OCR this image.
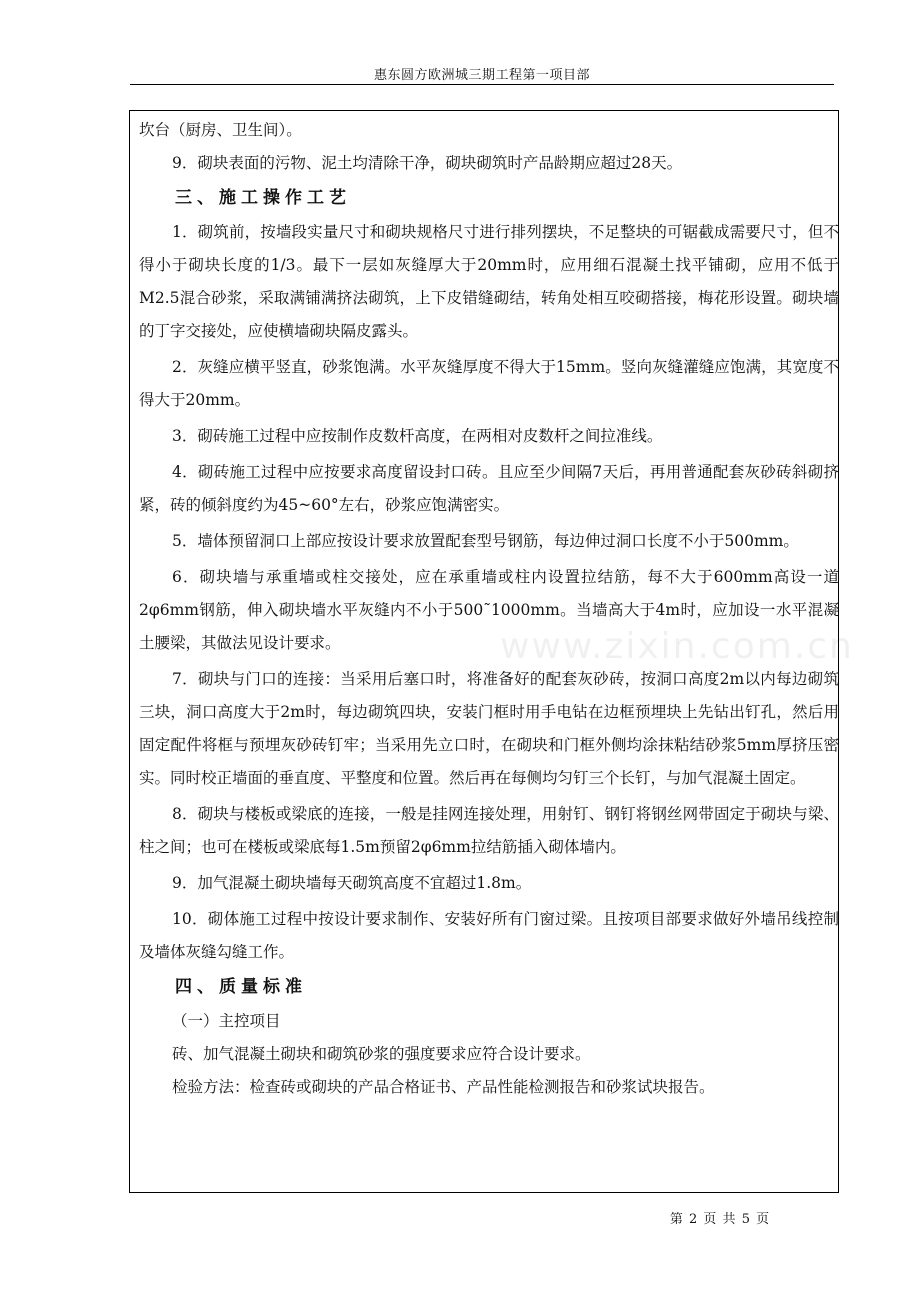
惠东圆方欧洲城三期工程第一项目部
www.zixin.com.cn

坎台（厨房、卫生间）。

9．砌块表面的污物、泥土均清除干净，砌块砌筑时产品龄期应超过28天。

三、施工操作工艺

1．砌筑前，按墙段实量尺寸和砌块规格尺寸进行排列摆块，不足整块的可锯截成需要尺寸，但不得小于砌块长度的1/3。最下一层如灰缝厚大于20mm时，应用细石混凝土找平铺砌，应用不低于M2.5混合砂浆，采取满铺满挤法砌筑，上下皮错缝砌结，转角处相互咬砌搭接，梅花形设置。砌块墙的丁字交接处，应使横墙砌块隔皮露头。

2．灰缝应横平竖直，砂浆饱满。水平灰缝厚度不得大于15mm。竖向灰缝灌缝应饱满，其宽度不得大于20mm。

3．砌砖施工过程中应按制作皮数杆高度，在两相对皮数杆之间拉准线。

4．砌砖施工过程中应按要求高度留设封口砖。且应至少间隔7天后，再用普通配套灰砂砖斜砌挤紧，砖的倾斜度约为45~60°左右，砂浆应饱满密实。

5．墙体预留洞口上部应按设计要求放置配套型号钢筋，每边伸过洞口长度不小于500mm。

6．砌块墙与承重墙或柱交接处，应在承重墙或柱内设置拉结筋，每不大于600mm高设一道2φ6mm钢筋，伸入砌块墙水平灰缝内不小于500˜1000mm。当墙高大于4m时，应加设一水平混凝土腰梁，其做法见设计要求。

7．砌块与门口的连接：当采用后塞口时，将准备好的配套灰砂砖，按洞口高度2m以内每边砌筑三块，洞口高度大于2m时，每边砌筑四块，安装门框时用手电钻在边框预埋块上先钻出钉孔，然后用固定配件将框与预埋灰砂砖钉牢；当采用先立口时，在砌块和门框外侧均涂抹粘结砂浆5mm厚挤压密实。同时校正墙面的垂直度、平整度和位置。然后再在每侧均匀钉三个长钉，与加气混凝土固定。

8．砌块与楼板或梁底的连接，一般是挂网连接处理，用射钉、钢钉将钢丝网带固定于砌块与梁、柱之间；也可在楼板或梁底每1.5m预留2φ6mm拉结筋插入砌体墙内。

9．加气混凝土砌块墙每天砌筑高度不宜超过1.8m。

10．砌体施工过程中按设计要求制作、安装好所有门窗过梁。且按项目部要求做好外墙吊线控制及墙体灰缝勾缝工作。

四、质量标准

（一）主控项目

砖、加气混凝土砌块和砌筑砂浆的强度要求应符合设计要求。

检验方法：检查砖或砌块的产品合格证书、产品性能检测报告和砂浆试块报告。

第 2 页 共 5 页
